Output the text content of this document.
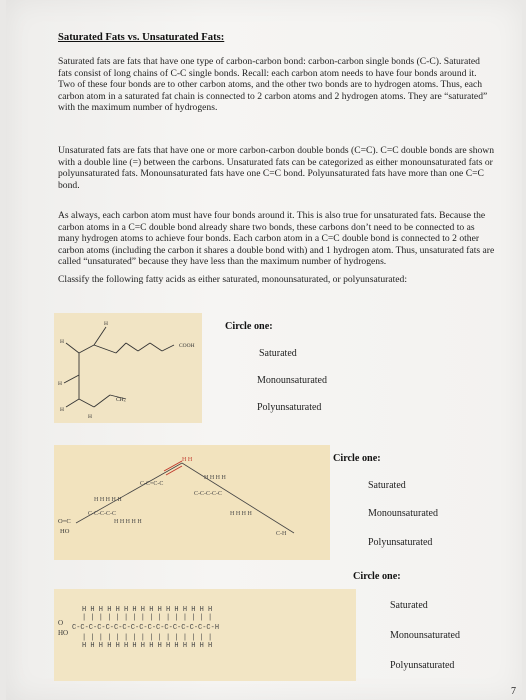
Saturated Fats vs. Unsaturated Fats:
Saturated fats are fats that have one type of carbon-carbon bond: carbon-carbon single bonds (C-C). Saturated fats consist of long chains of C-C single bonds. Recall: each carbon atom needs to have four bonds around it. Two of these four bonds are to other carbon atoms, and the other two bonds are to hydrogen atoms. Thus, each carbon atom in a saturated fat chain is connected to 2 carbon atoms and 2 hydrogen atoms. They are “saturated” with the maximum number of hydrogens.
Unsaturated fats are fats that have one or more carbon-carbon double bonds (C=C). C=C double bonds are shown with a double line (=) between the carbons. Unsaturated fats can be categorized as either monounsaturated fats or polyunsaturated fats. Monounsaturated fats have one C=C bond. Polyunsaturated fats have more than one C=C bond.
As always, each carbon atom must have four bonds around it. This is also true for unsaturated fats. Because the carbon atoms in a C=C double bond already share two bonds, these carbons don’t need to be connected to as many hydrogen atoms to achieve four bonds. Each carbon atom in a C=C double bond is connected to 2 other carbon atoms (including the carbon it shares a double bond with) and 1 hydrogen atom. Thus, unsaturated fats are called “unsaturated” because they have less than the maximum number of hydrogens.
Classify the following fatty acids as either saturated, monounsaturated, or polyunsaturated:
COOH
CH₃
H
H
H
H
H
Circle one:
Saturated
Monounsaturated
Polyunsaturated
O=C
HO
H H H H H
H H H H H
C-C-C-C-C
C-C=C-C
H H
H H H H
H H H H
C-C-C-C-C
C-H
Circle one:
Saturated
Monounsaturated
Polyunsaturated
O
HO
H H H H H H H H H H H H H H H H
| | | | | | | | | | | | | | | |
C-C-C-C-C-C-C-C-C-C-C-C-C-C-C-C-C-H
| | | | | | | | | | | | | | | |
H H H H H H H H H H H H H H H H
Circle one:
Saturated
Monounsaturated
Polyunsaturated
7
